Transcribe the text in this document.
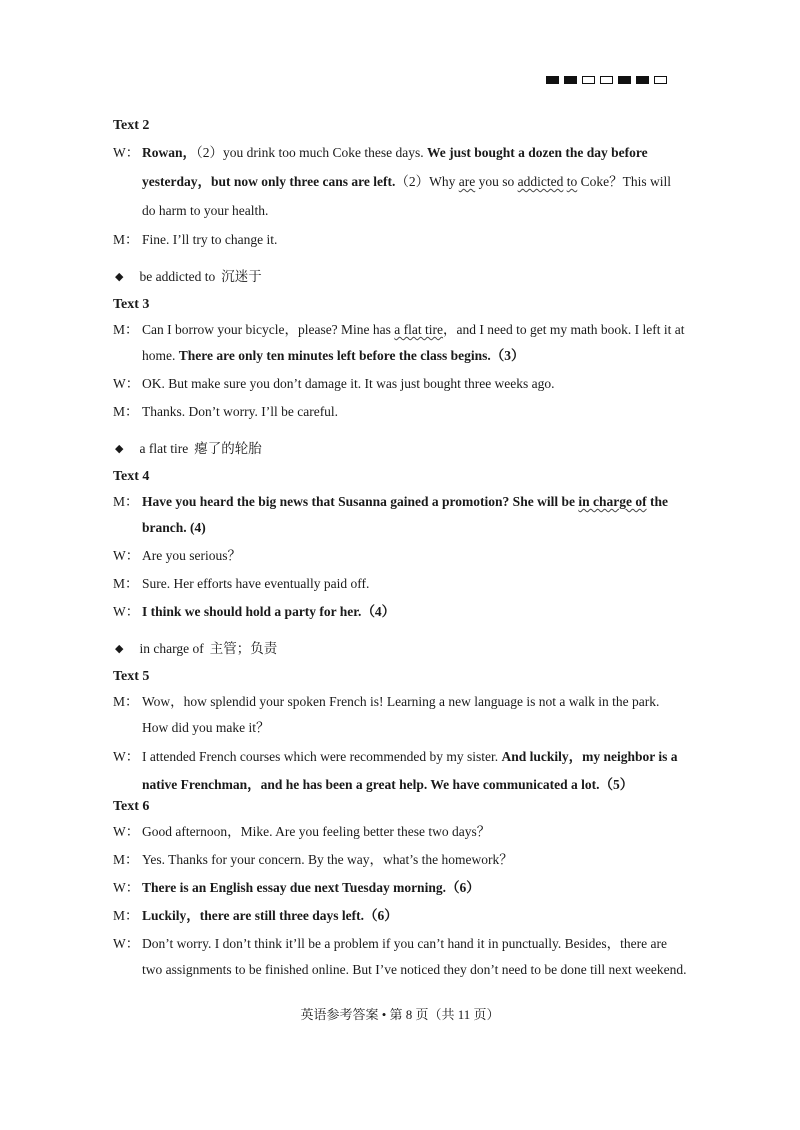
Text 2
W： Rowan，（2）you drink too much Coke these days. We just bought a dozen the day before yesterday，but now only three cans are left.（2）Why are you so addicted to Coke？This will do harm to your health.

M： Fine. I’ll try to change it.

◆ be addicted to 沉迷于
Text 3
M： Can I borrow your bicycle，please? Mine has a flat tire，and I need to get my math book. I left it at home. There are only ten minutes left before the class begins.（3）

W： OK. But make sure you don’t damage it. It was just bought three weeks ago.

M： Thanks. Don’t worry. I’ll be careful.

◆ a flat tire 瘪了的轮胎
Text 4
M： Have you heard the big news that Susanna gained a promotion? She will be in charge of the branch. (4)

W： Are you serious？

M： Sure. Her efforts have eventually paid off.

W： I think we should hold a party for her.（4）

◆ in charge of 主管；负责
Text 5
M： Wow，how splendid your spoken French is! Learning a new language is not a walk in the park. How did you make it？

W： I attended French courses which were recommended by my sister. And luckily，my neighbor is a native Frenchman，and he has been a great help. We have communicated a lot.（5）

Text 6
W： Good afternoon，Mike. Are you feeling better these two days？

M： Yes. Thanks for your concern. By the way，what’s the homework？

W： There is an English essay due next Tuesday morning.（6）

M： Luckily，there are still three days left.（6）

W： Don’t worry. I don’t think it’ll be a problem if you can’t hand it in punctually. Besides，there are two assignments to be finished online. But I’ve noticed they don’t need to be done till next weekend.

英语参考答案 • 第 8 页（共 11 页）
